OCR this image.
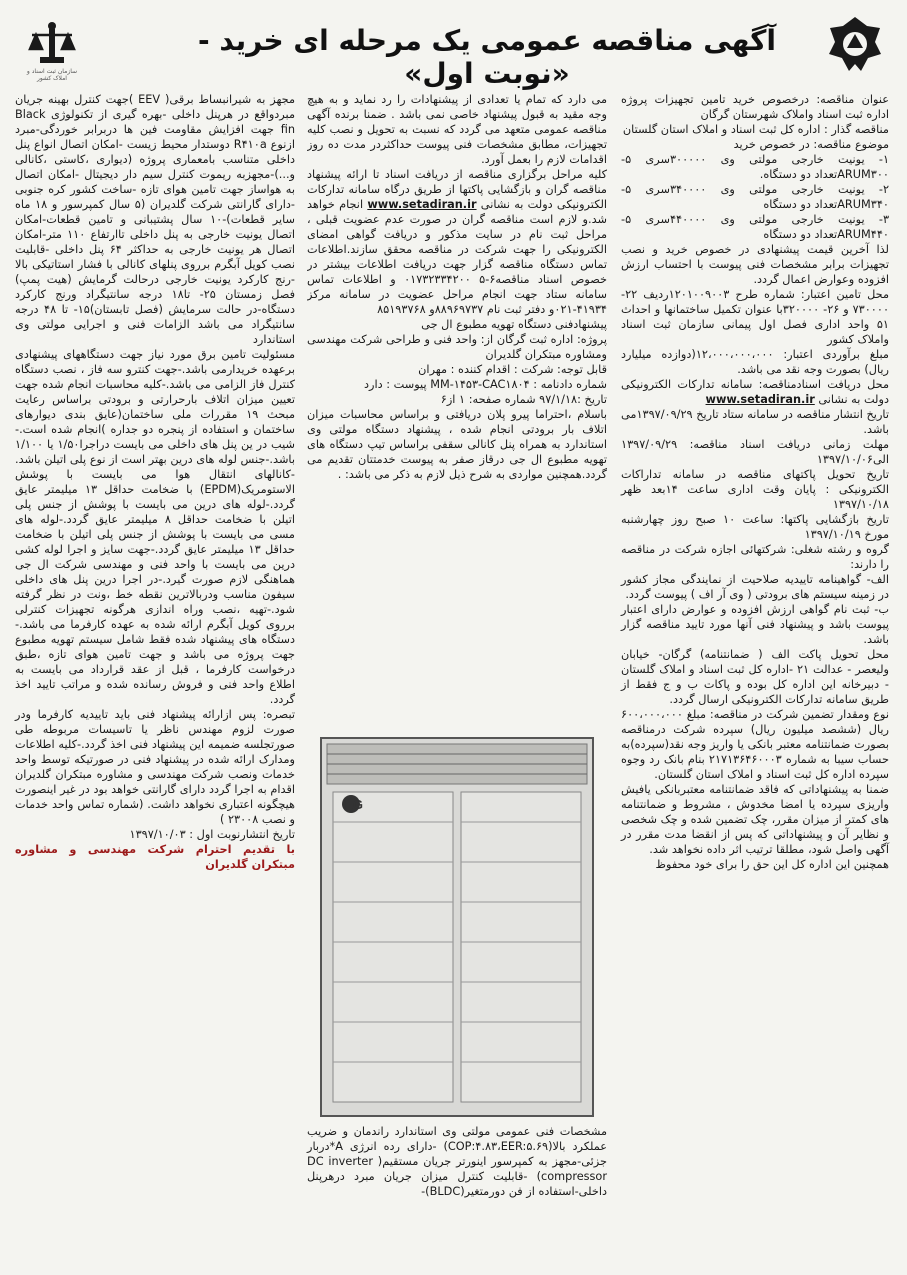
آگهی مناقصه عمومی یک مرحله ای خرید - «نوبت اول»
سازمان ثبت اسناد و املاک کشور

عنوان مناقصه: درخصوص خرید تامین تجهیزات پروژه اداره ثبت اسناد واملاک شهرستان گرگان

مناقصه گذار : اداره کل ثبت اسناد و املاک استان گلستان

موضوع مناقصه: در خصوص خرید

۱- یونیت خارجی مولتی وی ۳۰۰۰۰۰سری ۵- ARUM۳۰۰تعداد دو دستگاه.

۲- یونیت خارجی مولتی وی ۳۴۰۰۰۰سری ۵- ARUM۳۴۰تعداد دو دستگاه

۳- یونیت خارجی مولتی وی ۴۴۰۰۰۰سری ۵- ARUM۴۴۰تعداد دو دستگاه

لذا آخرین قیمت پیشنهادی در خصوص خرید و نصب تجهیزات برابر مشخصات فنی پیوست با احتساب ارزش افزوده وعوارض اعمال گردد.

محل تامین اعتبار: شماره طرح ۱۲۰۱۰۰۹۰۰۳ردیف ۲۲- ۷۳۰۰۰۰ و ۲۶- ۳۲۰۰۰۰با عنوان تکمیل ساختمانها و احداث ۵۱ واحد اداری فصل اول پیمانی سازمان ثبت اسناد واملاک کشور

مبلغ برآوردی اعتبار: ۱۲،۰۰۰،۰۰۰،۰۰۰(دوازده میلیارد ریال) بصورت وجه نقد می باشد.

محل دریافت اسنادمناقصه: سامانه تدارکات الکترونیکی دولت به نشانی www.setadiran.ir

تاریخ انتشار مناقصه در سامانه ستاد تاریخ ۱۳۹۷/۰۹/۲۹می باشد.

مهلت زمانی دریافت اسناد مناقصه: ۱۳۹۷/۰۹/۲۹ الی۱۳۹۷/۱۰/۰۶

تاریخ تحویل پاکتهای مناقصه در سامانه تداراکات الکترونیکی : پایان وقت اداری ساعت ۱۴بعد ظهر ۱۳۹۷/۱۰/۱۸

تاریخ بازگشایی پاکتها: ساعت ۱۰ صبح روز چهارشنبه مورخ ۱۳۹۷/۱۰/۱۹

گروه و رشته شغلی: شرکتهائی اجازه شرکت در مناقصه را دارند:

الف- گواهینامه تاییدیه صلاحیت از نمایندگی مجاز کشور در زمینه سیستم های برودتی ( وی آر اف ) پیوست گردد.

ب- ثبت نام گواهی ارزش افزوده و عوارض دارای اعتبار پیوست باشد و پیشنهاد فنی آنها مورد تایید مناقصه گزار باشد.

محل تحویل پاکت الف ( ضمانتنامه) گرگان- خیابان ولیعصر - عدالت ۲۱ -اداره کل ثبت اسناد و املاک گلستان - دبیرخانه این اداره کل بوده و پاکات ب و ج فقط از طریق سامانه تدارکات الکترونیکی ارسال گردد.

نوع ومقدار تضمین شرکت در مناقصه: مبلغ ۶۰۰،۰۰۰،۰۰۰ ریال (ششصد میلیون ریال) سپرده شرکت درمناقصه بصورت ضمانتنامه معتبر بانکی یا واریز وجه نقد(سپرده)به حساب سیبا به شماره ۲۱۷۱۳۶۴۶۰۰۰۳ بنام بانک رد وجوه سپرده اداره کل ثبت اسناد و املاک استان گلستان.

ضمنا به پیشنهاداتی که فاقد ضمانتنامه معتبربانکی یافیش واریزی سپرده یا امضا مخدوش ، مشروط و ضمانتنامه های کمتر از میزان مقرر، چک تضمین شده و چک شخصی و نظایر آن و پیشنهاداتی که پس از انقضا مدت مقرر در آگهی واصل شود، مطلقا ترتیب اثر داده نخواهد شد.

همچنین این اداره کل این حق را برای خود محفوظ

می دارد که تمام یا تعدادی از پیشنهادات را رد نماید و به هیچ وجه مقید به قبول پیشنهاد خاصی نمی باشد . ضمنا برنده آگهی مناقصه عمومی متعهد می گردد که نسبت به تحویل و نصب کلیه تجهیزات، مطابق مشخصات فنی پیوست حداکثردر مدت ده روز اقدامات لازم را بعمل آورد.

کلیه مراحل برگزاری مناقصه از دریافت اسناد تا ارائه پیشنهاد مناقصه گران و بازگشایی پاکتها از طریق درگاه سامانه تدارکات الکترونیکی دولت به نشانی www.setadiran.ir انجام خواهد شد.و لازم است مناقصه گران در صورت عدم عضویت قبلی ، مراحل ثبت نام در سایت مذکور و دریافت گواهی امضای الکترونیکی را جهت شرکت در مناقصه محقق سازند.اطلاعات تماس دستگاه مناقصه گزار جهت دریافت اطلاعات بیشتر در خصوص اسناد مناقصه۶-۵ ۰۱۷۳۲۳۳۴۲۰۰ و اطلاعات تماس سامانه ستاد جهت انجام مراحل عضویت در سامانه مرکز ۴۱۹۳۴-۰۲۱و دفتر ثبت نام ۸۸۹۶۹۷۳۷و ۸۵۱۹۳۷۶۸

پیشنهادفنی دستگاه تهویه مطبوع ال جی

پروژه: اداره ثبت گرگان از: واحد فنی و طراحی شرکت مهندسی ومشاوره مبتکران گلدیران

قابل توجه: شرکت : اقدام کننده : مهران

شماره دادنامه : MM-۱۴۵۳-CAC۱۸۰۴ پیوست : دارد

تاریخ :۹۷/۱/۱۸ شماره صفحه: ۱ از۶

باسلام ،احتراما پیرو پلان دریافتی و براساس محاسبات میزان اتلاف بار برودتی انجام شده ، پیشنهاد دستگاه مولتی وی استاندارد به همراه پنل کانالی سقفی براساس تیپ دستگاه های تهویه مطبوع ال جی درقاز صفر به پیوست خدمتتان تقدیم می گردد.همچنین مواردی به شرح ذیل لازم به ذکر می باشد: .

LG
مشخصات فنی عمومی مولتی وی استاندارد راندمان و ضریب عملکرد بالا(COP:۴.۸۳،EER:۵.۶۹) -دارای رده انرژی A*دربار جزئی-مجهز به کمپرسور اینورتر جریان مستقیم( DC inverter compressor) -قابلیت کنترل میزان جریان مبرد درهرپنل داخلی-استفاده از فن دورمتغیر(BLDC)-

مجهز به شیرانبساط برقی( EEV )جهت کنترل بهینه جریان مبردواقع در هرپنل داخلی -بهره گیری از تکنولوژی Black fin جهت افزایش مقاومت فین ها دربرابر خوردگی-مبرد ازنوع R۴۱۰a دوستدار محیط زیست -امکان اتصال انواع پنل داخلی متناسب بامعماری پروژه (دیواری ،کاستی ،کانالی و...)-مجهزبه ریموت کنترل سیم دار دیجیتال -امکان اتصال به هواساز جهت تامین هوای تازه -ساخت کشور کره جنوبی -دارای گارانتی شرکت گلدیران (۵ سال کمپرسور و ۱۸ ماه سایر قطعات)-۱۰ سال پشتیبانی و تامین قطعات-امکان اتصال یونیت خارجی به پنل داخلی تاارتفاع ۱۱۰ متر-امکان اتصال هر یونیت خارجی به حداکثر ۶۴ پنل داخلی -قابلیت نصب کویل آبگرم برروی پنلهای کانالی با فشار استاتیکی بالا -رنج کارکرد یونیت خارجی درحالت گرمایش (هیت پمپ) فصل زمستان ۲۵- تا۱۸ درجه سانتیگراد ورنج کارکرد دستگاه-در حالت سرمایش (فصل تابستان)۱۵- تا ۴۸ درجه سانتیگراد می باشد الزامات فنی و اجرایی مولتی وی استاندارد

مسئولیت تامین برق مورد نیاز جهت دستگاههای پیشنهادی برعهده خریدارمی باشد.-جهت کنترو سه فاز ، نصب دستگاه کنترل فاز الزامی می باشد.-کلیه محاسبات انجام شده جهت تعیین میزان اتلاف بارحرارتی و برودتی براساس رعایت مبحث ۱۹ مقررات ملی ساختمان(عایق بندی دیوارهای ساختمان و استفاده از پنجره دو جداره )انجام شده است.-شیب در ین پنل های داخلی می بایست دراجرا۱/۵۰ یا ۱/۱۰۰ باشد.-جنس لوله های درین بهتر است از نوع پلی اتیلن باشد. -کانالهای انتقال هوا می بایست با پوشش الاستومریک(EPDM) با ضخامت حداقل ۱۳ میلیمتر عایق گردد.-لوله های درین می بایست با پوشش از جنس پلی اتیلن با ضخامت حداقل ۸ میلیمتر عایق گردد.-لوله های مسی می بایست با پوشش از جنس پلی اتیلن با ضخامت حداقل ۱۳ میلیمتر عایق گردد.-جهت سایز و اجرا لوله کشی درین می بایست با واحد فنی و مهندسی شرکت ال جی هماهنگی لازم صورت گیرد.-در اجرا درین پنل های داخلی سیفون مناسب ودربالاترین نقطه خط ،ونت در نظر گرفته شود.-تهیه ،نصب وراه اندازی هرگونه تجهیزات کنترلی برروی کویل آبگرم ارائه شده به عهده کارفرما می باشد.-دستگاه های پیشنهاد شده فقط شامل سیستم تهویه مطبوع جهت پروژه می باشد و جهت تامین هوای تازه ،طبق درخواست کارفرما ، قبل از عقد قرارداد می بایست به اطلاع واحد فنی و فروش رسانده شده و مراتب تایید اخذ گردد.

تبصره: پس ازارائه پیشنهاد فنی باید تاییدیه کارفرما ودر صورت لزوم مهندس ناظر یا تاسیسات مربوطه طی صورتجلسه ضمیمه این پیشنهاد فنی اخذ گردد.-کلیه اطلاعات ومدارک ارائه شده در پیشنهاد فنی در صورتیکه توسط واحد خدمات ونصب شرکت مهندسی و مشاوره مبتکران گلدیران اقدام به اجرا گردد دارای گارانتی خواهد بود در غیر اینصورت هیچگونه اعتباری نخواهد داشت. (شماره تماس واحد خدمات و نصب ۲۳۰۰۸ )

تاریخ انتشارنوبت اول : ۱۳۹۷/۱۰/۰۳

با تقدیم احترام شرکت مهندسی و مشاوره مبتکران گلدیران
